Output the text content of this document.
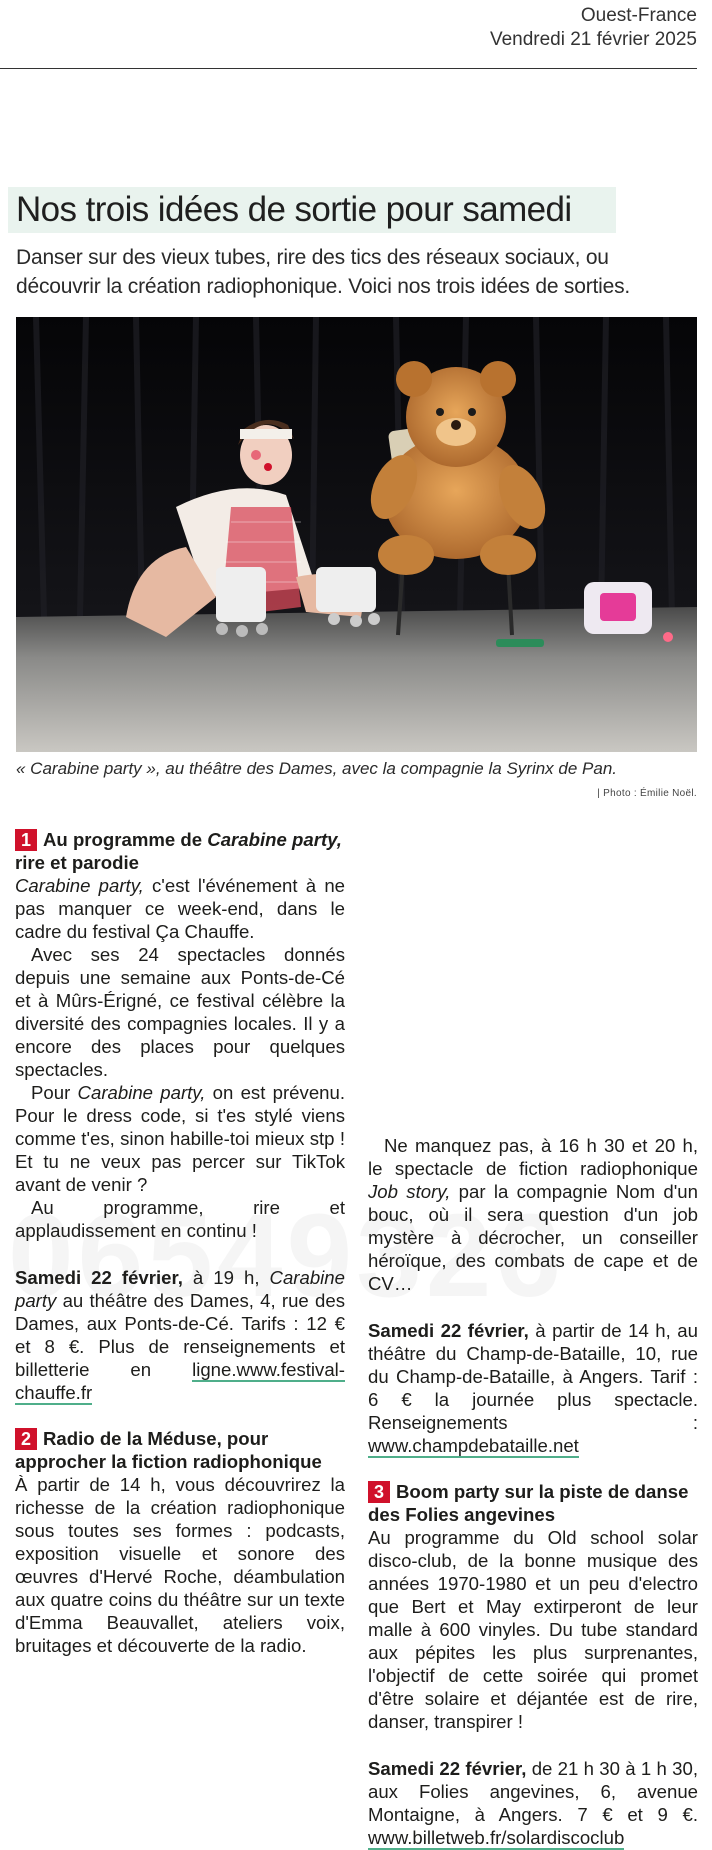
Ouest-France
Vendredi 21 février 2025
Nos trois idées de sortie pour samedi

Danser sur des vieux tubes, rire des tics des réseaux sociaux, ou découvrir la création radiophonique. Voici nos trois idées de sorties.

« Carabine party », au théâtre des Dames, avec la compagnie la Syrinx de Pan.
| Photo : Émilie Noël.

1 Au programme de Carabine party, rire et parodie

Carabine party, c'est l'événement à ne pas manquer ce week-end, dans le cadre du festival Ça Chauffe.

Avec ses 24 spectacles donnés depuis une semaine aux Ponts-de-Cé et à Mûrs-Érigné, ce festival célèbre la diversité des compagnies locales. Il y a encore des places pour quelques spectacles.

Pour Carabine party, on est prévenu. Pour le dress code, si t'es stylé viens comme t'es, sinon habille-toi mieux stp ! Et tu ne veux pas percer sur TikTok avant de venir ?

Au programme, rire et applaudissement en continu !

Samedi 22 février, à 19 h, Carabine party au théâtre des Dames, 4, rue des Dames, aux Ponts-de-Cé. Tarifs : 12 € et 8 €. Plus de renseignements et billetterie en ligne.www.festival-chauffe.fr

2 Radio de la Méduse, pour approcher la fiction radiophonique

À partir de 14 h, vous découvrirez la richesse de la création radiophonique sous toutes ses formes : podcasts, exposition visuelle et sonore des œuvres d'Hervé Roche, déambulation aux quatre coins du théâtre sur un texte d'Emma Beauvallet, ateliers voix, bruitages et découverte de la radio.

Ne manquez pas, à 16 h 30 et 20 h, le spectacle de fiction radiophonique Job story, par la compagnie Nom d'un bouc, où il sera question d'un job mystère à décrocher, un conseiller héroïque, des combats de cape et de CV…

Samedi 22 février, à partir de 14 h, au théâtre du Champ-de-Bataille, 10, rue du Champ-de-Bataille, à Angers. Tarif : 6 € la journée plus spectacle. Renseignements : www.champdebataille.net

3 Boom party sur la piste de danse des Folies angevines

Au programme du Old school solar disco-club, de la bonne musique des années 1970-1980 et un peu d'electro que Bert et May extirperont de leur malle à 600 vinyles. Du tube standard aux pépites les plus surprenantes, l'objectif de cette soirée qui promet d'être solaire et déjantée est de rire, danser, transpirer !

Samedi 22 février, de 21 h 30 à 1 h 30, aux Folies angevines, 6, avenue Montaigne, à Angers. 7 € et 9 €. www.billetweb.fr/solardiscoclub
